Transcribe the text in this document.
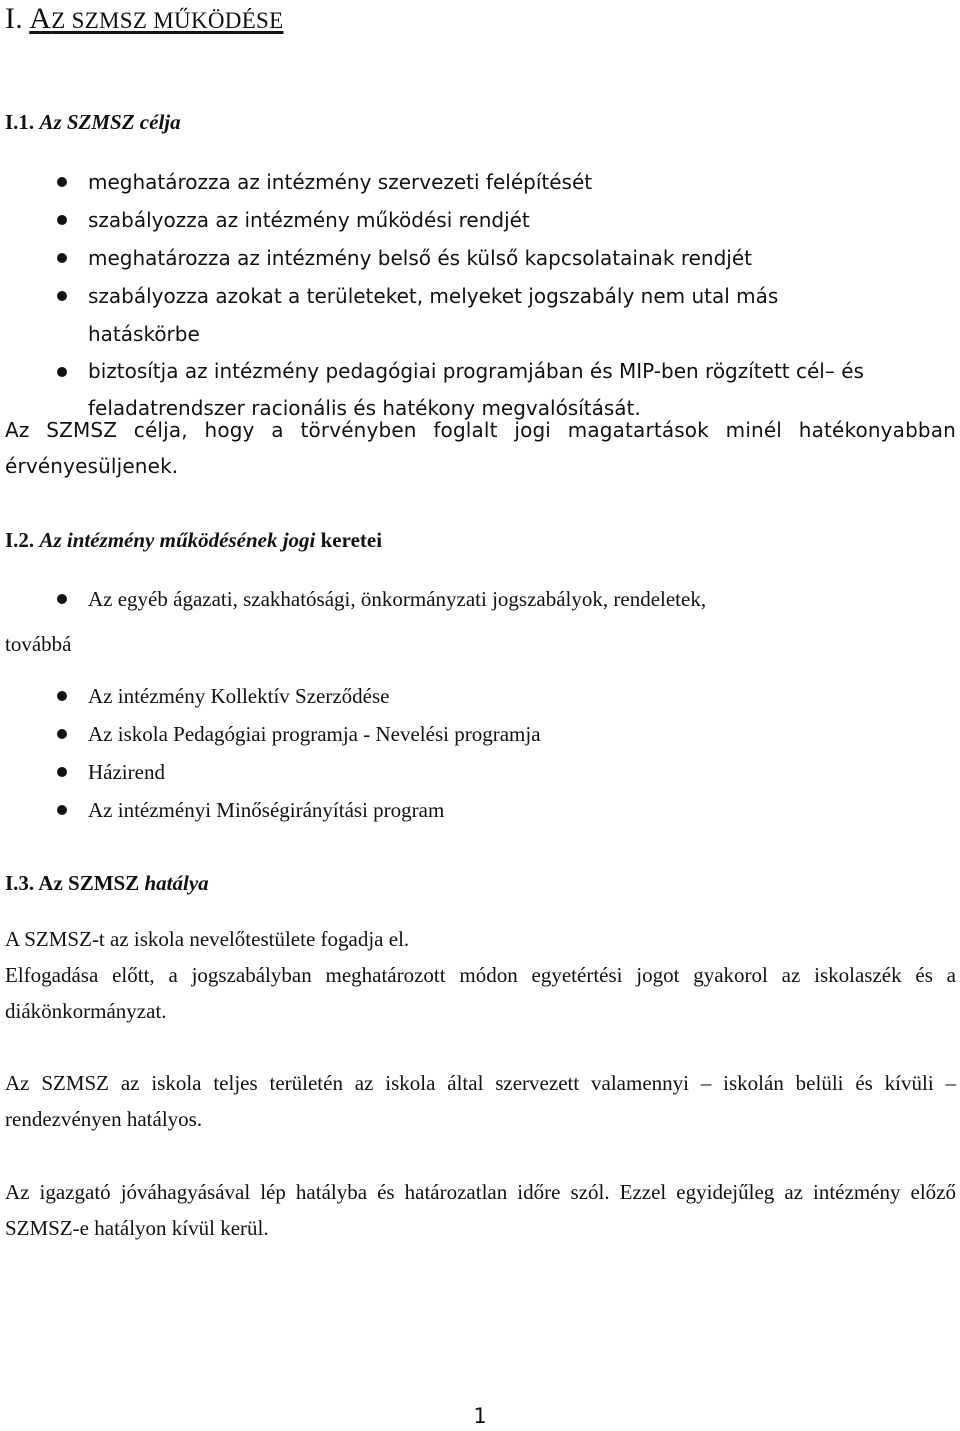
I. AZ SZMSZ MŰKÖDÉSE
I.1. Az SZMSZ célja
meghatározza az intézmény szervezeti felépítését
szabályozza az intézmény működési rendjét
meghatározza az intézmény belső és külső kapcsolatainak rendjét
szabályozza azokat a területeket, melyeket jogszabály nem utal más hatáskörbe
biztosítja az intézmény pedagógiai programjában és MIP-ben rögzített cél– és feladatrendszer racionális és hatékony megvalósítását.

Az SZMSZ célja, hogy a törvényben foglalt jogi magatartások minél hatékonyabban érvényesüljenek.

I.2. Az intézmény működésének jogi keretei
Az egyéb ágazati, szakhatósági, önkormányzati jogszabályok, rendeletek,
továbbá
Az intézmény Kollektív Szerződése
Az iskola Pedagógiai programja - Nevelési programja
Házirend
Az intézményi Minőségirányítási program
I.3. Az SZMSZ hatálya

A SZMSZ-t az iskola nevelőtestülete fogadja el.

Elfogadása előtt, a jogszabályban meghatározott módon egyetértési jogot gyakorol az iskolaszék és a diákönkormányzat.

Az SZMSZ az iskola teljes területén az iskola által szervezett valamennyi – iskolán belüli és kívüli – rendezvényen hatályos.

Az igazgató jóváhagyásával lép hatályba és határozatlan időre szól. Ezzel egyidejűleg az intézmény előző SZMSZ-e hatályon kívül kerül.

1
